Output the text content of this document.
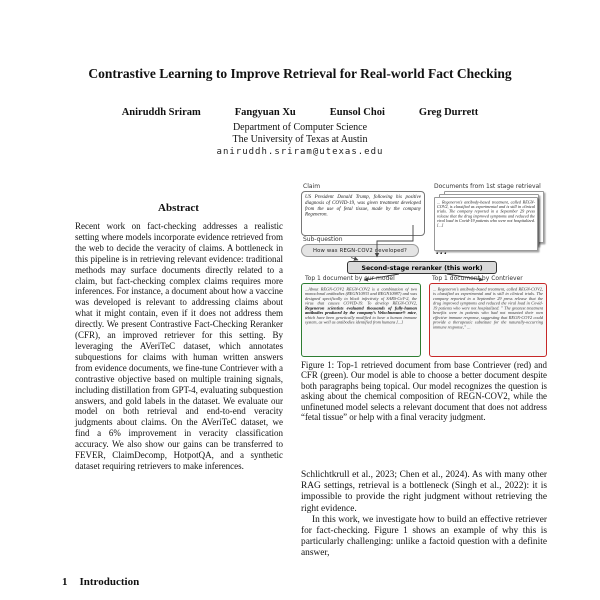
Contrastive Learning to Improve Retrieval for Real-world Fact Checking
Aniruddh Sriram	Fangyuan Xu	Eunsol Choi	Greg Durrett
Department of Computer Science
The University of Texas at Austin
aniruddh.sriram@utexas.edu
Abstract
Recent work on fact-checking addresses a realistic setting where models incorporate evidence retrieved from the web to decide the veracity of claims. A bottleneck in this pipeline is in retrieving relevant evidence: traditional methods may surface documents directly related to a claim, but fact-checking complex claims requires more inferences. For instance, a document about how a vaccine was developed is relevant to addressing claims about what it might contain, even if it does not address them directly. We present Contrastive Fact-Checking Reranker (CFR), an improved retriever for this setting. By leveraging the AVeriTeC dataset, which annotates subquestions for claims with human written answers from evidence documents, we fine-tune Contriever with a contrastive objective based on multiple training signals, including distillation from GPT-4, evaluating subquestion answers, and gold labels in the dataset. We evaluate our model on both retrieval and end-to-end veracity judgments about claims. On the AVeriTeC dataset, we find a 6% improvement in veracity classification accuracy. We also show our gains can be transferred to FEVER, ClaimDecomp, HotpotQA, and a synthetic dataset requiring retrievers to make inferences.
1 Introduction
Claim	Documents from 1st stage retrieval
US President Donald Trump, following his positive diagnosis of COVID-19, was given treatment developed from the use of fetal tissue, made by the company Regeneron.
... Regeneron’s antibody-based treatment, called REGN-COV2, is classified as experimental and is still in clinical trials. The company reported in a September 29 press release that the drug improved symptoms and reduced the viral load in Covid-19 patients who were not hospitalized. [...]
...
Sub-question
How was REGN-COV2 developed?
Second-stage reranker (this work)
Top 1 document by our model	Top 1 document by Contriever
...About REGN-COV2 REGN-COV2 is a combination of two monoclonal antibodies (REGN10933 and REGN10987) and was designed specifically to block infectivity of SARS-CoV-2, the virus that causes COVID-19. To develop REGN-COV2, Regeneron scientists evaluated thousands of fully-human antibodies produced by the company’s VelocImmune® mice, which have been genetically modified to have a human immune system, as well as antibodies identified from humans [...]
... Regeneron’s antibody-based treatment, called REGN-COV2, is classified as experimental and is still in clinical trials. The company reported in a September 29 press release that the drug improved symptoms and reduced the viral load in Covid-19 patients who were not hospitalized. ” The greatest treatment benefits were in patients who had not mounted their own effective immune response, suggesting that REGN-COV2 could provide a therapeutic substitute for the naturally-occurring immune response,” ...
Figure 1: Top-1 retrieved document from base Contriever (red) and CFR (green). Our model is able to choose a better document despite both paragraphs being topical. Our model recognizes the question is asking about the chemical composition of REGN-COV2, while the unfinetuned model selects a relevant document that does not address “fetal tissue” or help with a final veracity judgment.

Schlichtkrull et al., 2023; Chen et al., 2024). As with many other RAG settings, retrieval is a bottleneck (Singh et al., 2022): it is impossible to provide the right judgment without retrieving the right evidence.

In this work, we investigate how to build an effective retriever for fact-checking. Figure 1 shows an example of why this is particularly challenging: unlike a factoid question with a definite answer,
